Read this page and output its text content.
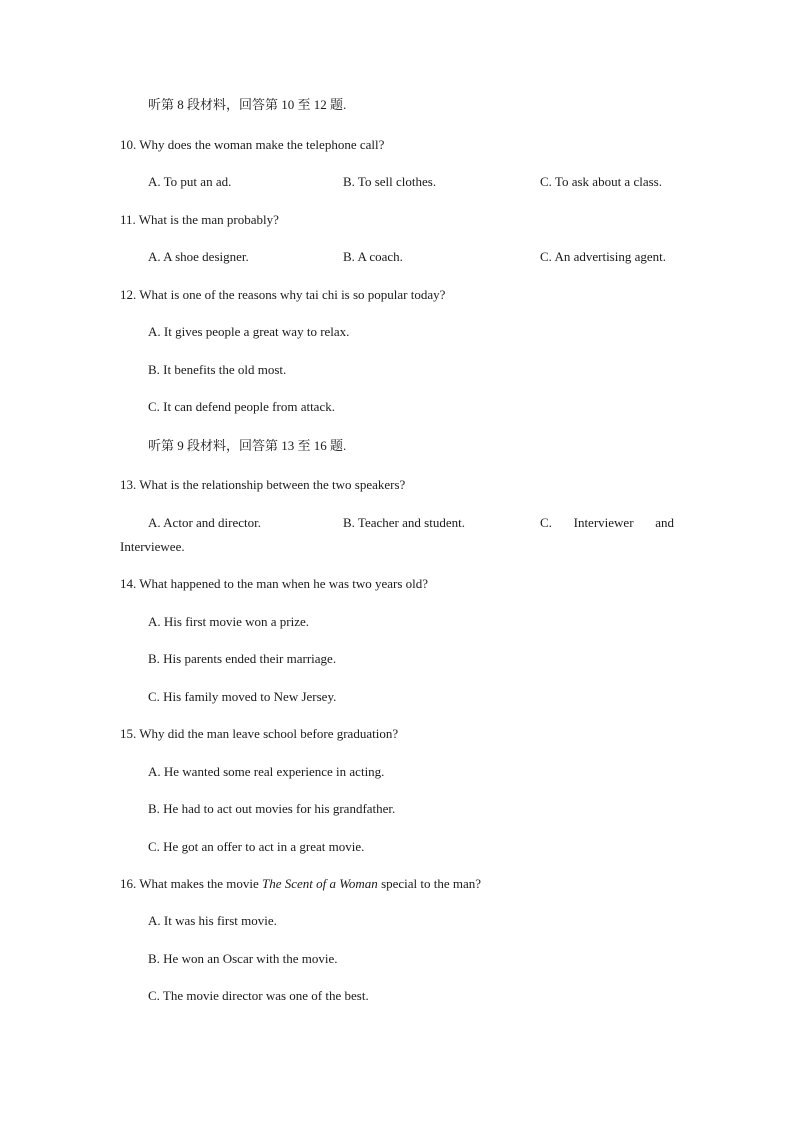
听第 8 段材料，回答第 10 至 12 题.
10. Why does the woman make the telephone call?
A. To put an ad.	B. To sell clothes.	C. To ask about a class.
11. What is the man probably?
A. A shoe designer.	B. A coach.	C. An advertising agent.
12. What is one of the reasons why tai chi is so popular today?
A. It gives people a great way to relax.
B. It benefits the old most.
C. It can defend people from attack.
听第 9 段材料，回答第 13 至 16 题.
13. What is the relationship between the two speakers?
A. Actor and director.	B. Teacher and student.	C. Interviewer and
Interviewee.
14. What happened to the man when he was two years old?
A. His first movie won a prize.
B. His parents ended their marriage.
C. His family moved to New Jersey.
15. Why did the man leave school before graduation?
A. He wanted some real experience in acting.
B. He had to act out movies for his grandfather.
C. He got an offer to act in a great movie.
16. What makes the movie The Scent of a Woman special to the man?
A. It was his first movie.
B. He won an Oscar with the movie.
C. The movie director was one of the best.
